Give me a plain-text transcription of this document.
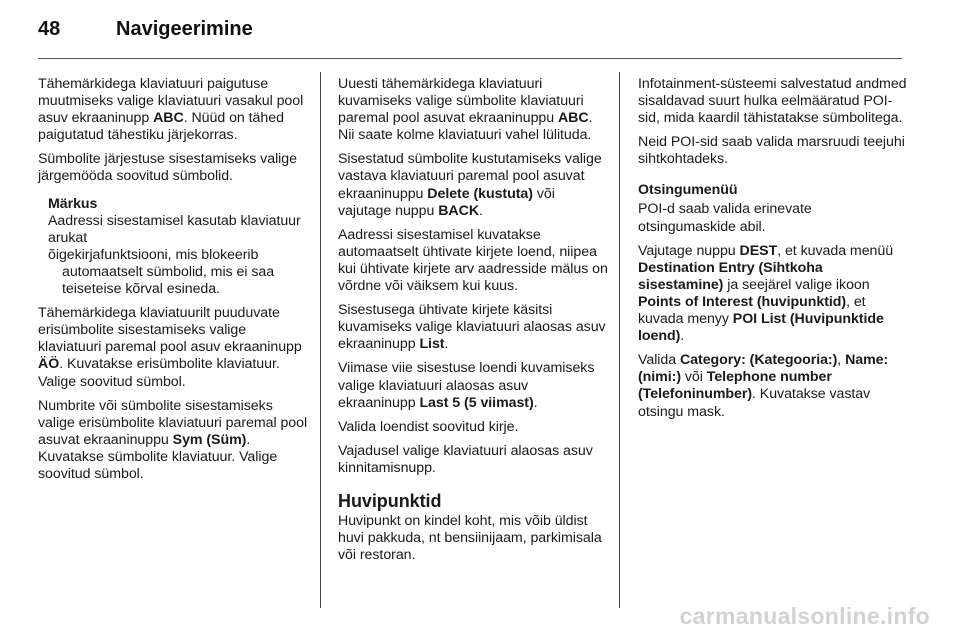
48	Navigeerimine

Tähemärkidega klaviatuuri paigutuse muutmiseks valige klaviatuuri vasakul pool asuv ekraaninupp ABC. Nüüd on tähed paigutatud tähestiku järjekorras.

Sümbolite järjestuse sisestamiseks valige järgemööda soovitud sümbolid.

Märkus
Aadressi sisestamisel kasutab klaviatuur arukat
õigekirjafunktsiooni, mis blokeerib automaatselt sümbolid, mis ei saa teiseteise kõrval esineda.

Tähemärkidega klaviatuurilt puuduvate erisümbolite sisestamiseks valige klaviatuuri paremal pool asuv ekraaninupp ÄÖ. Kuvatakse erisümbolite klaviatuur. Valige soovitud sümbol.

Numbrite või sümbolite sisestamiseks valige erisümbolite klaviatuuri paremal pool asuvat ekraaninuppu Sym (Süm). Kuvatakse sümbolite klaviatuur. Valige soovitud sümbol.

Uuesti tähemärkidega klaviatuuri kuvamiseks valige sümbolite klaviatuuri paremal pool asuvat ekraaninuppu ABC. Nii saate kolme klaviatuuri vahel lülituda.

Sisestatud sümbolite kustutamiseks valige vastava klaviatuuri paremal pool asuvat ekraaninuppu Delete (kustuta) või vajutage nuppu BACK.

Aadressi sisestamisel kuvatakse automaatselt ühtivate kirjete loend, niipea kui ühtivate kirjete arv aadresside mälus on võrdne või väiksem kui kuus.

Sisestusega ühtivate kirjete käsitsi kuvamiseks valige klaviatuuri alaosas asuv ekraaninupp List.

Viimase viie sisestuse loendi kuvamiseks valige klaviatuuri alaosas asuv ekraaninupp Last 5 (5 viimast).

Valida loendist soovitud kirje.

Vajadusel valige klaviatuuri alaosas asuv kinnitamisnupp.

Huvipunktid

Huvipunkt on kindel koht, mis võib üldist huvi pakkuda, nt bensiinijaam, parkimisala või restoran.

Infotainment-süsteemi salvestatud andmed sisaldavad suurt hulka eelmääratud POI-sid, mida kaardil tähistatakse sümbolitega.

Neid POI-sid saab valida marsruudi teejuhi sihtkohtadeks.

Otsingumenüü

POI-d saab valida erinevate otsingumaskide abil.

Vajutage nuppu DEST, et kuvada menüü Destination Entry (Sihtkoha sisestamine) ja seejärel valige ikoon Points of Interest (huvipunktid), et kuvada menyy POI List (Huvipunktide loend).

Valida Category: (Kategooria:), Name: (nimi:) või Telephone number (Telefoninumber). Kuvatakse vastav otsingu mask.

carmanualsonline.info
